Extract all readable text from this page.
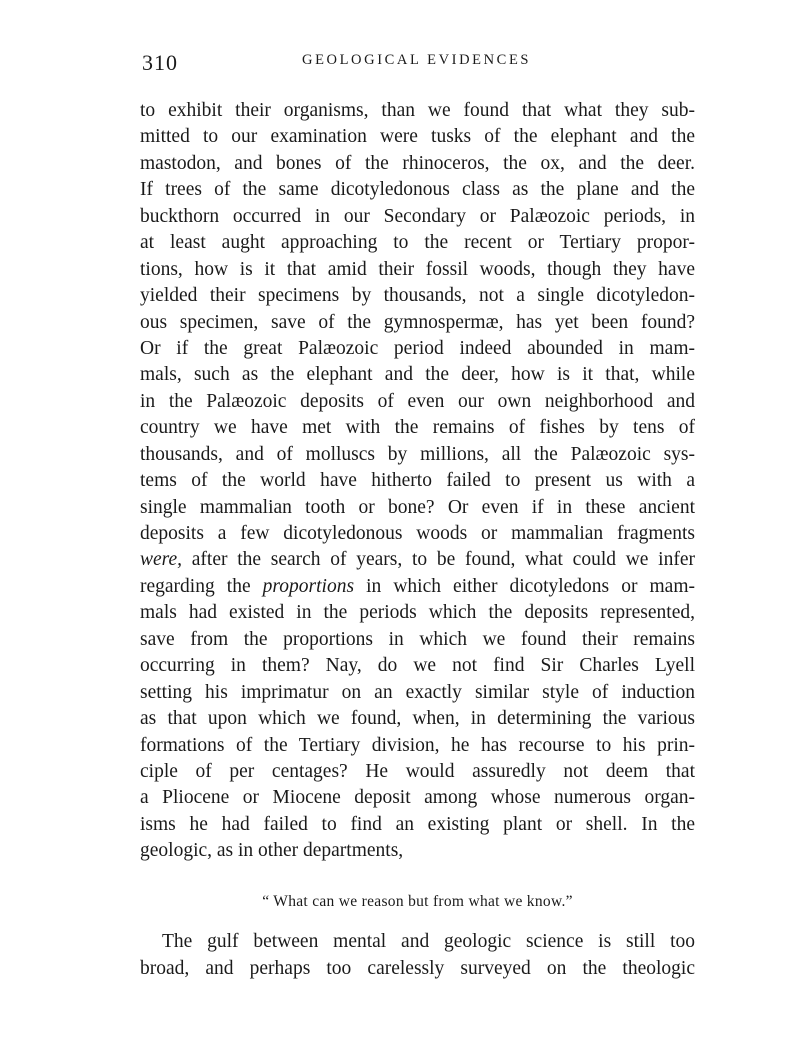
310	GEOLOGICAL EVIDENCES
to exhibit their organisms, than we found that what they sub-
mitted to our examination were tusks of the elephant and the
mastodon, and bones of the rhinoceros, the ox, and the deer.
If trees of the same dicotyledonous class as the plane and the
buckthorn occurred in our Secondary or Palæozoic periods, in
at least aught approaching to the recent or Tertiary propor-
tions, how is it that amid their fossil woods, though they have
yielded their specimens by thousands, not a single dicotyledon-
ous specimen, save of the gymnospermæ, has yet been found?
Or if the great Palæozoic period indeed abounded in mam-
mals, such as the elephant and the deer, how is it that, while
in the Palæozoic deposits of even our own neighborhood and
country we have met with the remains of fishes by tens of
thousands, and of molluscs by millions, all the Palæozoic sys-
tems of the world have hitherto failed to present us with a
single mammalian tooth or bone? Or even if in these ancient
deposits a few dicotyledonous woods or mammalian fragments
were, after the search of years, to be found, what could we infer
regarding the proportions in which either dicotyledons or mam-
mals had existed in the periods which the deposits represented,
save from the proportions in which we found their remains
occurring in them? Nay, do we not find Sir Charles Lyell
setting his imprimatur on an exactly similar style of induction
as that upon which we found, when, in determining the various
formations of the Tertiary division, he has recourse to his prin-
ciple of per centages? He would assuredly not deem that
a Pliocene or Miocene deposit among whose numerous organ-
isms he had failed to find an existing plant or shell. In the
geologic, as in other departments,
“ What can we reason but from what we know.”
The gulf between mental and geologic science is still too
broad, and perhaps too carelessly surveyed on the theologic
